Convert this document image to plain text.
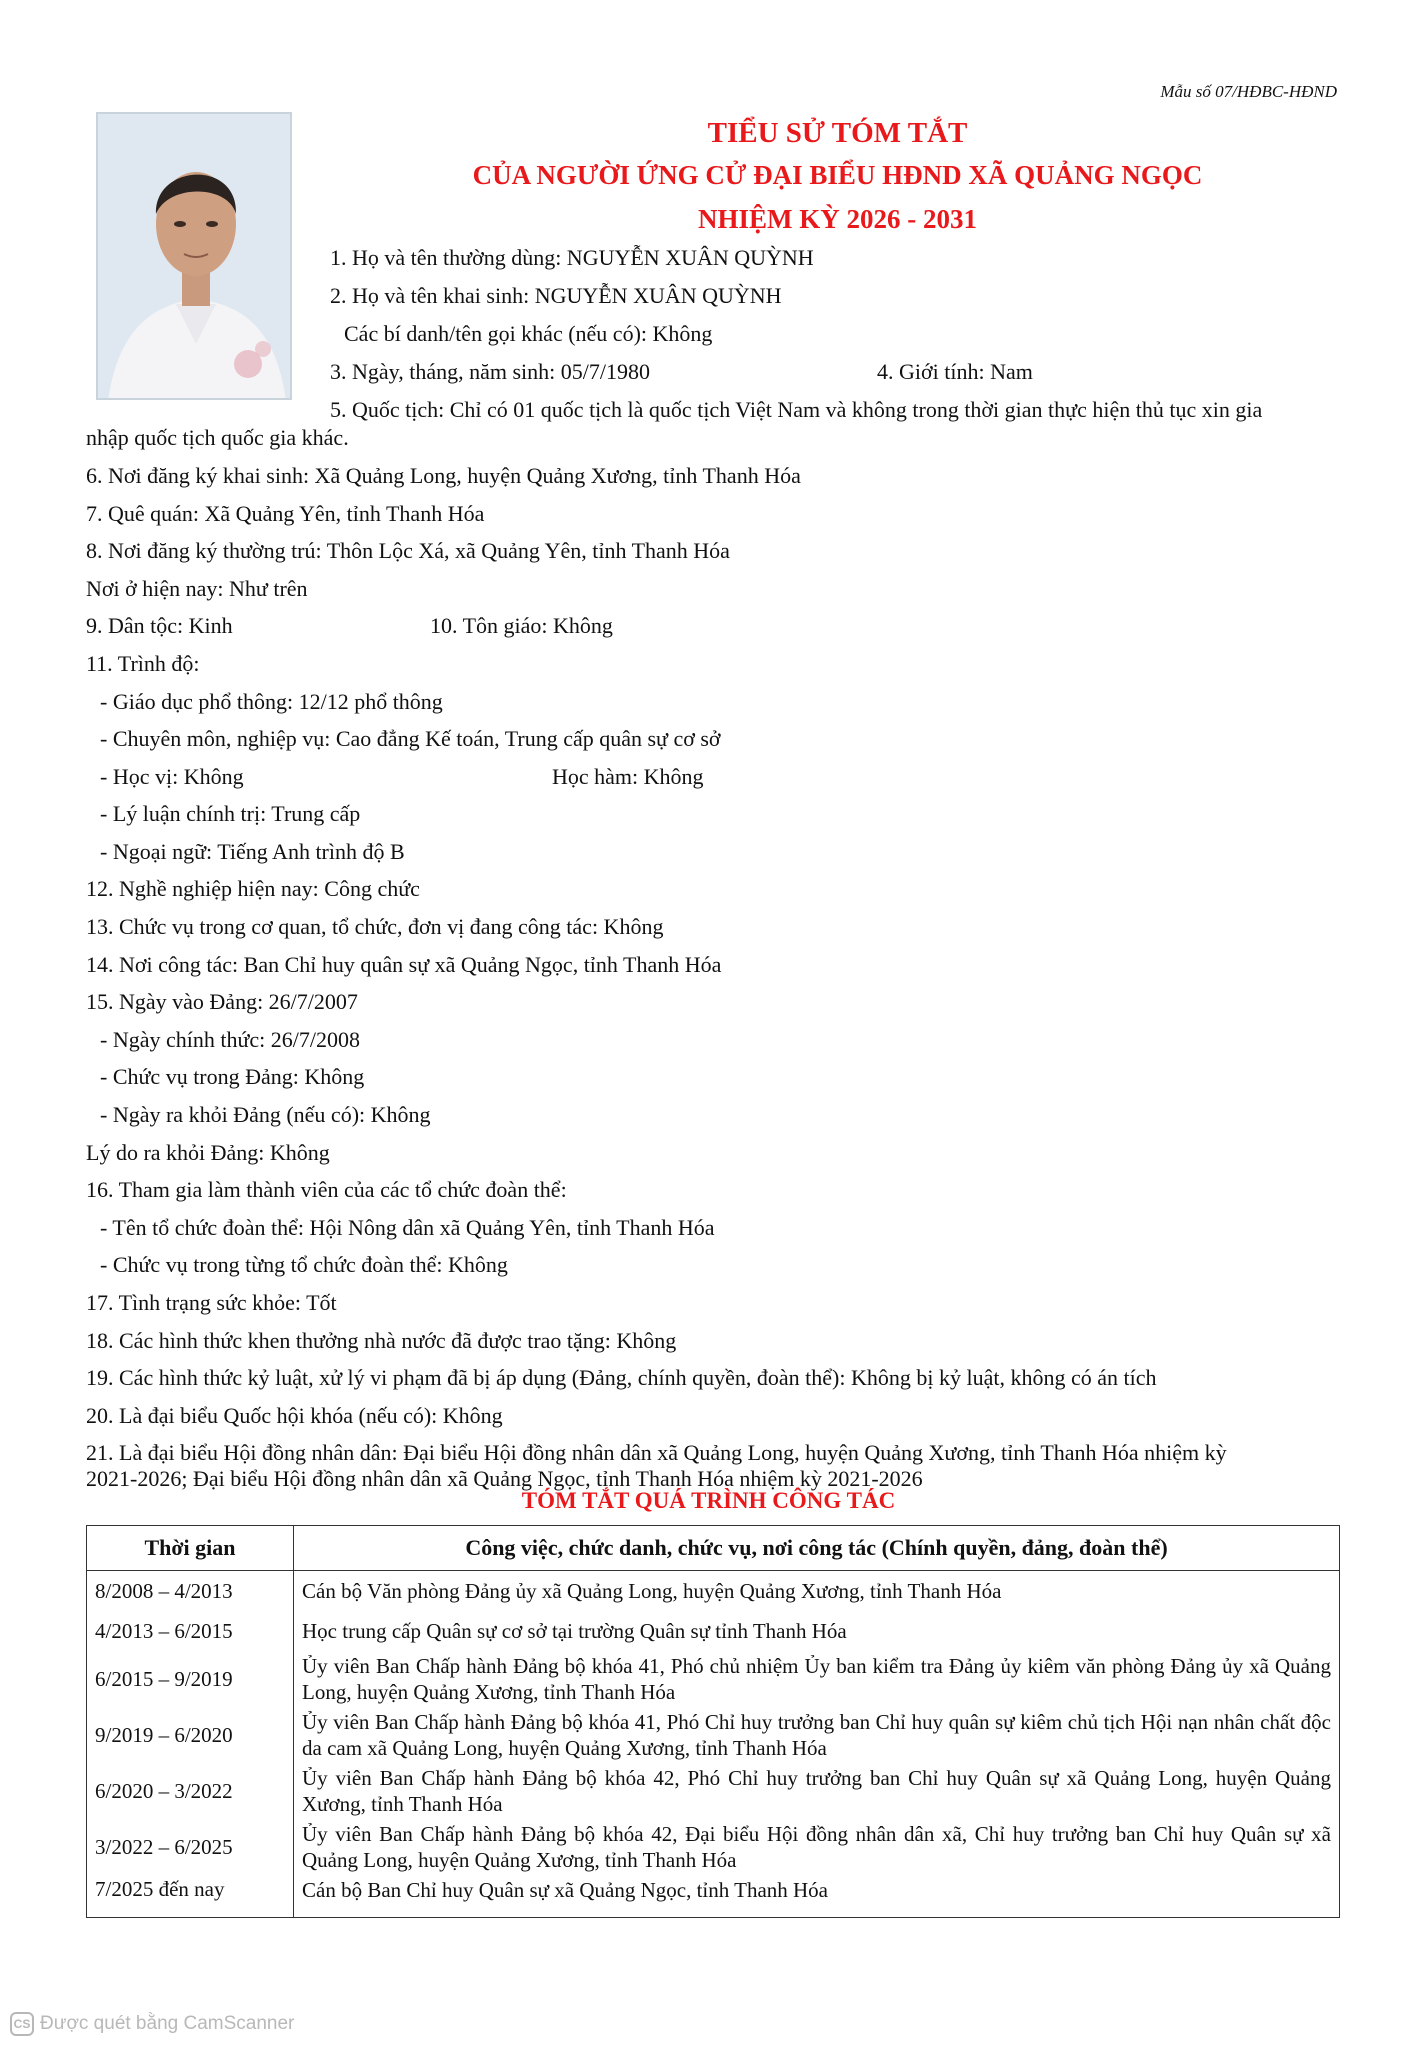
Mẫu số 07/HĐBC-HĐND
TIỂU SỬ TÓM TẮT
CỦA NGƯỜI ỨNG CỬ ĐẠI BIỂU HĐND XÃ QUẢNG NGỌC
NHIỆM KỲ 2026 - 2031
1. Họ và tên thường dùng: NGUYỄN XUÂN QUỲNH
2. Họ và tên khai sinh: NGUYỄN XUÂN QUỲNH
Các bí danh/tên gọi khác (nếu có): Không
3. Ngày, tháng, năm sinh: 05/7/1980	4. Giới tính: Nam
5. Quốc tịch: Chỉ có 01 quốc tịch là quốc tịch Việt Nam và không trong thời gian thực hiện thủ tục xin gia
nhập quốc tịch quốc gia khác.
6. Nơi đăng ký khai sinh: Xã Quảng Long, huyện Quảng Xương, tỉnh Thanh Hóa
7. Quê quán: Xã Quảng Yên, tỉnh Thanh Hóa
8. Nơi đăng ký thường trú: Thôn Lộc Xá, xã Quảng Yên, tỉnh Thanh Hóa
Nơi ở hiện nay: Như trên
9. Dân tộc: Kinh	10. Tôn giáo: Không
11. Trình độ:
- Giáo dục phổ thông: 12/12 phổ thông
- Chuyên môn, nghiệp vụ: Cao đẳng Kế toán, Trung cấp quân sự cơ sở
- Học vị: Không	Học hàm: Không
- Lý luận chính trị: Trung cấp
- Ngoại ngữ: Tiếng Anh trình độ B
12. Nghề nghiệp hiện nay: Công chức
13. Chức vụ trong cơ quan, tổ chức, đơn vị đang công tác: Không
14. Nơi công tác: Ban Chỉ huy quân sự xã Quảng Ngọc, tỉnh Thanh Hóa
15. Ngày vào Đảng: 26/7/2007
- Ngày chính thức: 26/7/2008
- Chức vụ trong Đảng: Không
- Ngày ra khỏi Đảng (nếu có): Không
Lý do ra khỏi Đảng: Không
16. Tham gia làm thành viên của các tổ chức đoàn thể:
- Tên tổ chức đoàn thể: Hội Nông dân xã Quảng Yên, tỉnh Thanh Hóa
- Chức vụ trong từng tổ chức đoàn thể: Không
17. Tình trạng sức khỏe: Tốt
18. Các hình thức khen thưởng nhà nước đã được trao tặng: Không
19. Các hình thức kỷ luật, xử lý vi phạm đã bị áp dụng (Đảng, chính quyền, đoàn thể): Không bị kỷ luật, không có án tích
20. Là đại biểu Quốc hội khóa (nếu có): Không
21. Là đại biểu Hội đồng nhân dân: Đại biểu Hội đồng nhân dân xã Quảng Long, huyện Quảng Xương, tỉnh Thanh Hóa nhiệm kỳ
2021-2026; Đại biểu Hội đồng nhân dân xã Quảng Ngọc, tỉnh Thanh Hóa nhiệm kỳ 2021-2026
TÓM TẮT QUÁ TRÌNH CÔNG TÁC
Thời gian	Công việc, chức danh, chức vụ, nơi công tác (Chính quyền, đảng, đoàn thể)
8/2008 – 4/2013	Cán bộ Văn phòng Đảng ủy xã Quảng Long, huyện Quảng Xương, tỉnh Thanh Hóa
4/2013 – 6/2015	Học trung cấp Quân sự cơ sở tại trường Quân sự tỉnh Thanh Hóa
6/2015 – 9/2019	Ủy viên Ban Chấp hành Đảng bộ khóa 41, Phó chủ nhiệm Ủy ban kiểm tra Đảng ủy kiêm văn phòng Đảng ủy xã Quảng Long, huyện Quảng Xương, tỉnh Thanh Hóa
9/2019 – 6/2020	Ủy viên Ban Chấp hành Đảng bộ khóa 41, Phó Chỉ huy trưởng ban Chỉ huy quân sự kiêm chủ tịch Hội nạn nhân chất độc da cam xã Quảng Long, huyện Quảng Xương, tỉnh Thanh Hóa
6/2020 – 3/2022	Ủy viên Ban Chấp hành Đảng bộ khóa 42, Phó Chỉ huy trưởng ban Chỉ huy Quân sự xã Quảng Long, huyện Quảng Xương, tỉnh Thanh Hóa
3/2022 – 6/2025	Ủy viên Ban Chấp hành Đảng bộ khóa 42, Đại biểu Hội đồng nhân dân xã, Chỉ huy trưởng ban Chỉ huy Quân sự xã Quảng Long, huyện Quảng Xương, tỉnh Thanh Hóa
7/2025 đến nay	Cán bộ Ban Chỉ huy Quân sự xã Quảng Ngọc, tỉnh Thanh Hóa
CS Được quét bằng CamScanner
